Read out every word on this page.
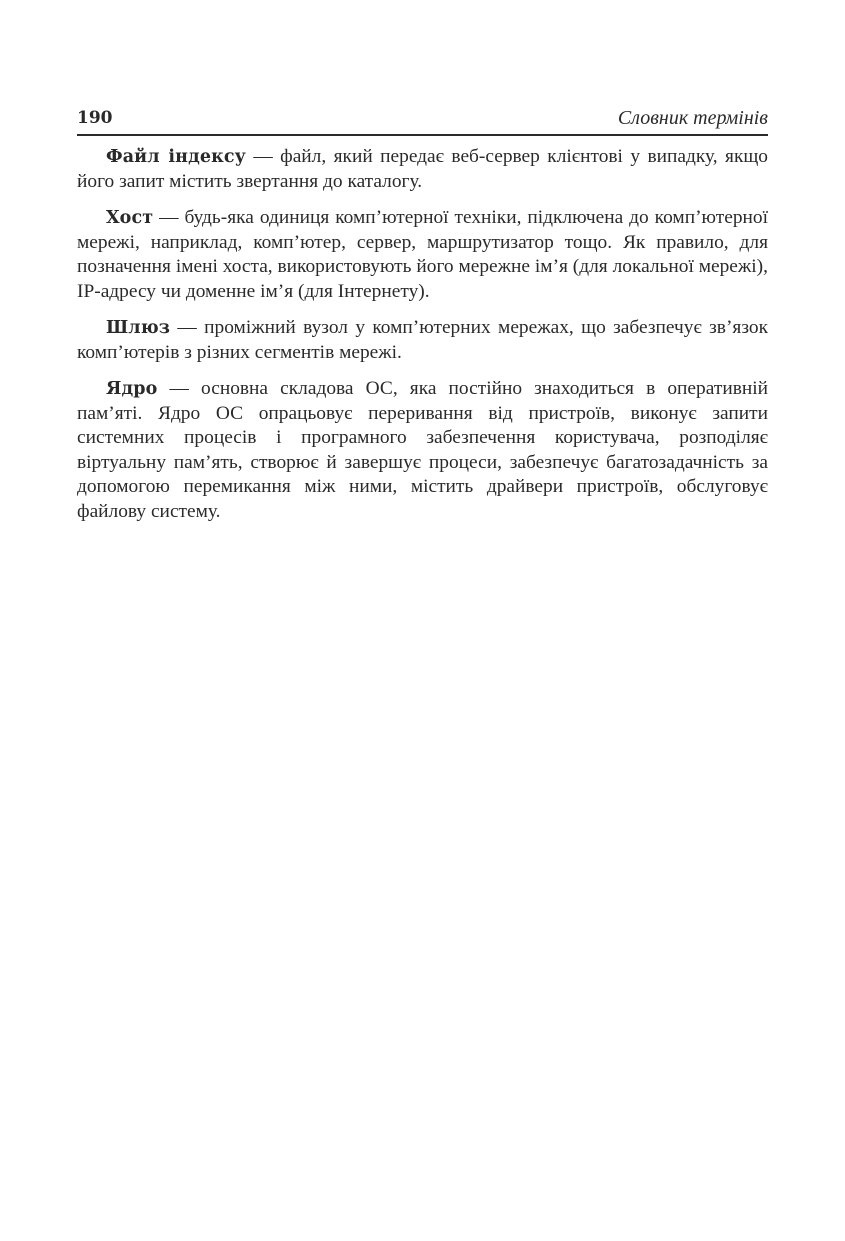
190	Словник термінів

Файл індексу — файл, який передає веб-сервер клієнтові у випадку, якщо його запит містить звертання до каталогу.

Хост — будь-яка одиниця комп’ютерної техніки, підключена до комп’ютерної мережі, наприклад, комп’ютер, сервер, маршрутизатор тощо. Як правило, для позначення імені хоста, використовують його мережне ім’я (для локальної мережі), IP-адресу чи доменне ім’я (для Інтернету).

Шлюз — проміжний вузол у комп’ютерних мережах, що забезпечує зв’язок комп’ютерів з різних сегментів мережі.

Ядро — основна складова ОС, яка постійно знаходиться в оперативній пам’яті. Ядро ОС опрацьовує переривання від пристроїв, виконує запити системних процесів і програмного забезпечення користувача, розподіляє віртуальну пам’ять, створює й завершує процеси, забезпечує багатозадачність за допомогою перемикання між ними, містить драйвери пристроїв, обслуговує файлову систему.
